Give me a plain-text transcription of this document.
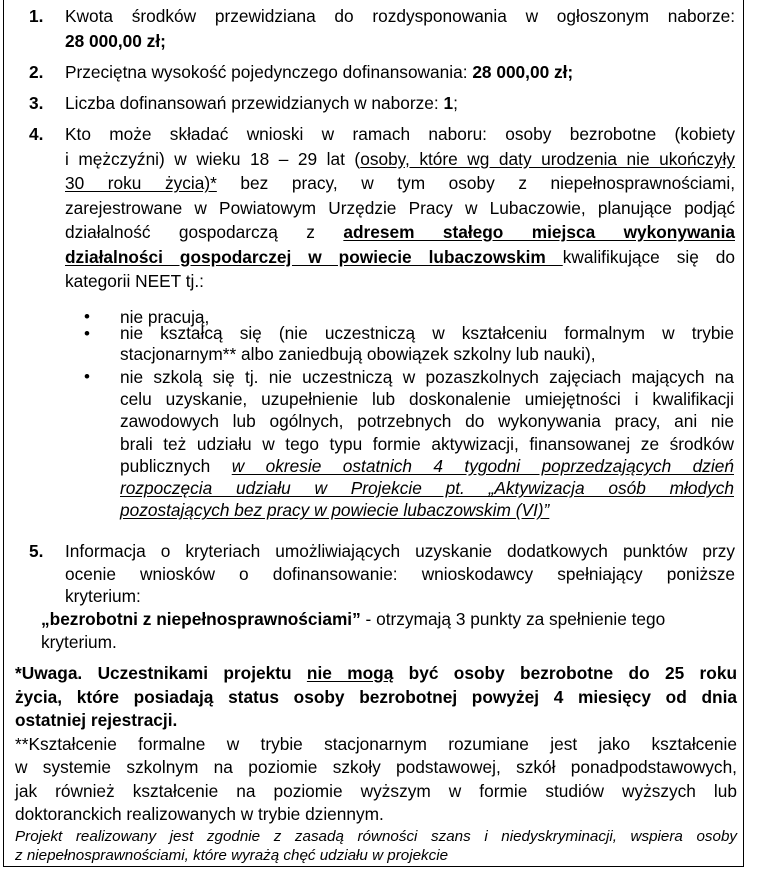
1. Kwota środków przewidziana do rozdysponowania w ogłoszonym naborze:
28 000,00 zł;
2. Przeciętna wysokość pojedynczego dofinansowania: 28 000,00 zł;
3. Liczba dofinansowań przewidzianych w naborze: 1;
4. Kto może składać wnioski w ramach naboru: osoby bezrobotne (kobiety
i mężczyźni) w wieku 18 – 29 lat (osoby, które wg daty urodzenia nie ukończyły
30 roku życia)* bez pracy, w tym osoby z niepełnosprawnościami,
zarejestrowane w Powiatowym Urzędzie Pracy w Lubaczowie, planujące podjąć
działalność gospodarczą z adresem stałego miejsca wykonywania
działalności gospodarczej w powiecie lubaczowskim kwalifikujące się do
kategorii NEET tj.:
• nie pracują,
• nie kształcą się (nie uczestniczą w kształceniu formalnym w trybie
stacjonarnym** albo zaniedbują obowiązek szkolny lub nauki),
• nie szkolą się tj. nie uczestniczą w pozaszkolnych zajęciach mających na
celu uzyskanie, uzupełnienie lub doskonalenie umiejętności i kwalifikacji
zawodowych lub ogólnych, potrzebnych do wykonywania pracy, ani nie
brali też udziału w tego typu formie aktywizacji, finansowanej ze środków
publicznych w okresie ostatnich 4 tygodni poprzedzających dzień
rozpoczęcia udziału w Projekcie pt. „Aktywizacja osób młodych
pozostających bez pracy w powiecie lubaczowskim (VI)”
5. Informacja o kryteriach umożliwiających uzyskanie dodatkowych punktów przy
ocenie wniosków o dofinansowanie: wnioskodawcy spełniający poniższe
kryterium:
„bezrobotni z niepełnosprawnościami” - otrzymają 3 punkty za spełnienie tego
kryterium.
*Uwaga. Uczestnikami projektu nie mogą być osoby bezrobotne do 25 roku
życia, które posiadają status osoby bezrobotnej powyżej 4 miesięcy od dnia
ostatniej rejestracji.
**Kształcenie formalne w trybie stacjonarnym rozumiane jest jako kształcenie
w systemie szkolnym na poziomie szkoły podstawowej, szkół ponadpodstawowych,
jak również kształcenie na poziomie wyższym w formie studiów wyższych lub
doktoranckich realizowanych w trybie dziennym.
Projekt realizowany jest zgodnie z zasadą równości szans i niedyskryminacji, wspiera osoby
z niepełnosprawnościami, które wyrażą chęć udziału w projekcie
